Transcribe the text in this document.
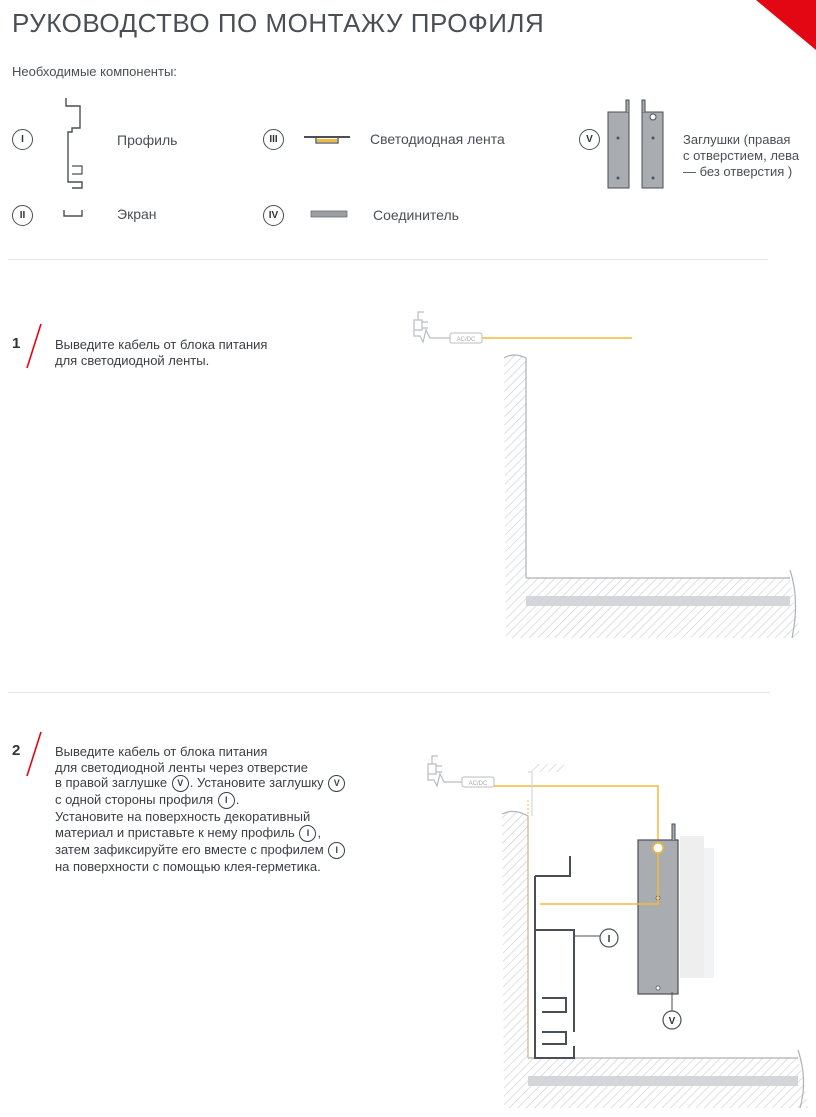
РУКОВОДСТВО ПО МОНТАЖУ ПРОФИЛЯ
Необходимые компоненты:
I	Профиль
II	Экран
III	Светодиодная лента
IV	Соединитель
V	Заглушки (правая
с отверстием, лева
— без отверстия )
1	Выведите кабель от блока питания
для светодиодной ленты.
AC/DC
2	Выведите кабель от блока питания
для светодиодной ленты через отверстие
в правой заглушке V . Установите заглушку V
с одной стороны профиля I .
Установите на поверхность декоративный
материал и приставьте к нему профиль I ,
затем зафиксируйте его вместе с профилем I
на поверхности с помощью клея-герметика.
AC/DC
I
V
